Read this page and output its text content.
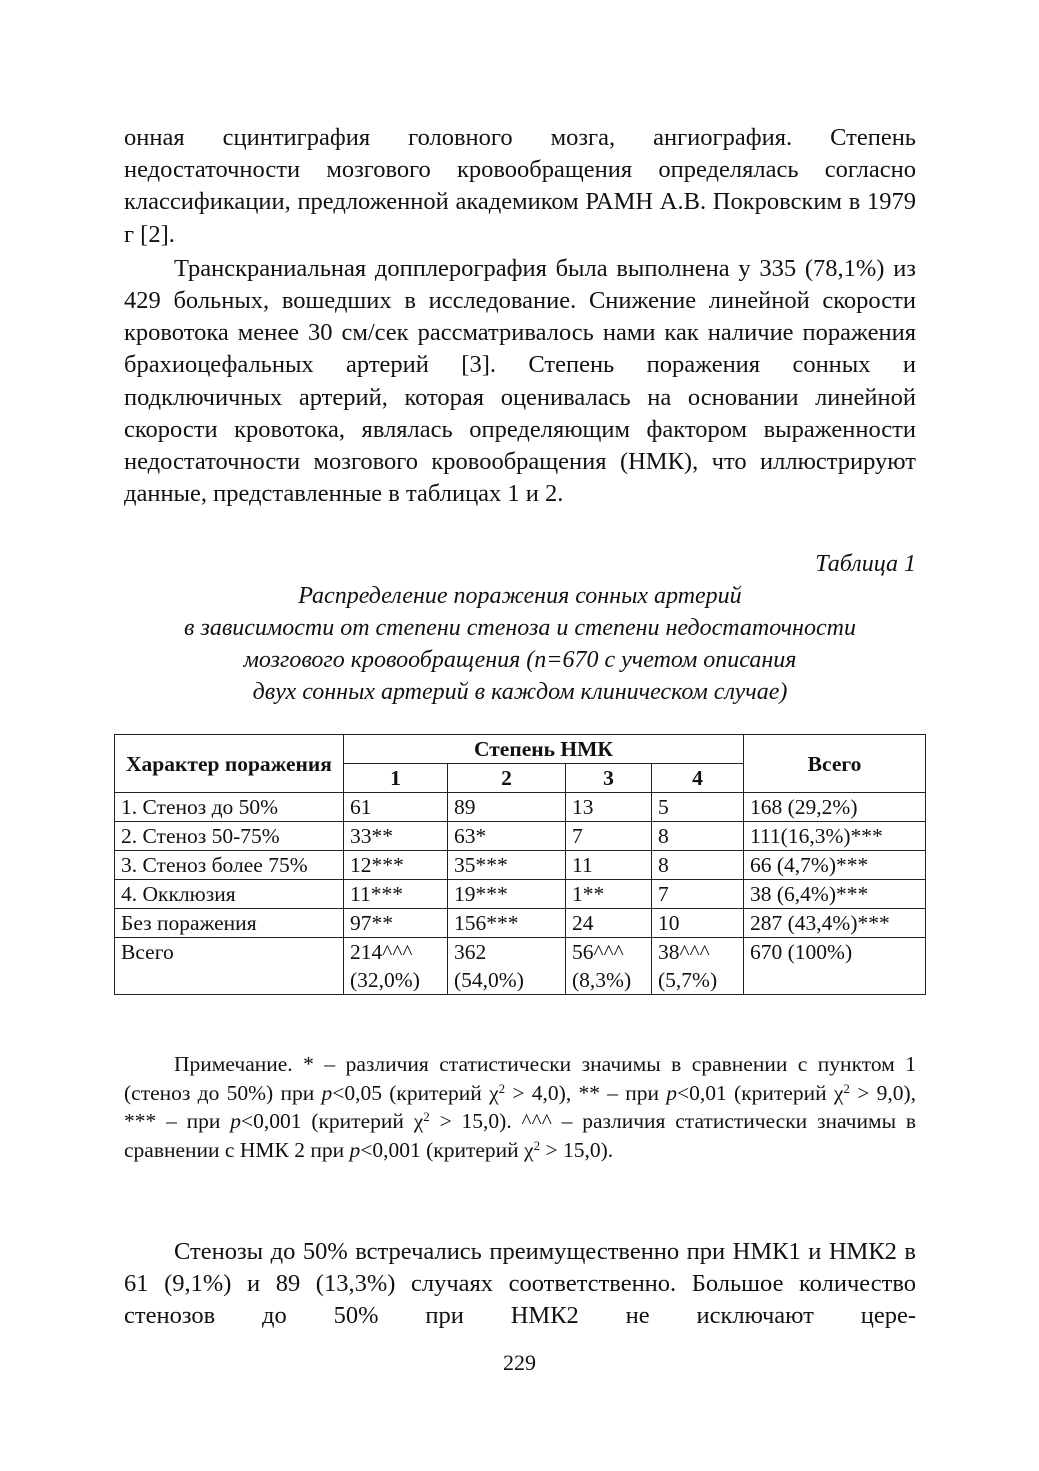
онная сцинтиграфия головного мозга, ангиография. Степень недостаточности мозгового кровообращения определялась согласно классификации, предложенной академиком РАМН А.В. Покровским в 1979 г [2].

Транскраниальная допплерография была выполнена у 335 (78,1%) из 429 больных, вошедших в исследование. Снижение линейной скорости кровотока менее 30 см/сек рассматривалось нами как наличие поражения брахиоцефальных артерий [3]. Степень поражения сонных и подключичных артерий, которая оценивалась на основании линейной скорости кровотока, являлась определяющим фактором выраженности недостаточности мозгового кровообращения (НМК), что иллюстрируют данные, представленные в таблицах 1 и 2.

Таблица 1

Распределение поражения сонных артерий

в зависимости от степени стеноза и степени недостаточности

мозгового кровообращения (n=670 с учетом описания

двух сонных артерий в каждом клиническом случае)

Характер поражения	Степень НМК				Всего
	1	2	3	4	
1. Стеноз до 50%	61	89	13	5	168 (29,2%)
2. Стеноз 50-75%	33**	63*	7	8	111(16,3%)***
3. Стеноз более 75%	12***	35***	11	8	66 (4,7%)***
4. Окклюзия	11***	19***	1**	7	38 (6,4%)***
Без поражения	97**	156***	24	10	287 (43,4%)***
Всего	214^^^ (32,0%)	362 (54,0%)	56^^^ (8,3%)	38^^^ (5,7%)	670 (100%)

Примечание. * – различия статистически значимы в сравнении с пунктом 1 (стеноз до 50%) при p<0,05 (критерий $\chi^2 > 4,0$), ** – при p<0,01 (критерий $\chi^2 > 9,0$), *** – при p<0,001 (критерий $\chi^2 > 15,0$). ^^^ – различия статистически значимы в сравнении с НМК 2 при p<0,001 (критерий $\chi^2 > 15,0$).

Стенозы до 50% встречались преимущественно при НМК1 и НМК2 в 61 (9,1%) и 89 (13,3%) случаях соответственно. Большое количество стенозов до 50% при НМК2 не исключают цере-

229
